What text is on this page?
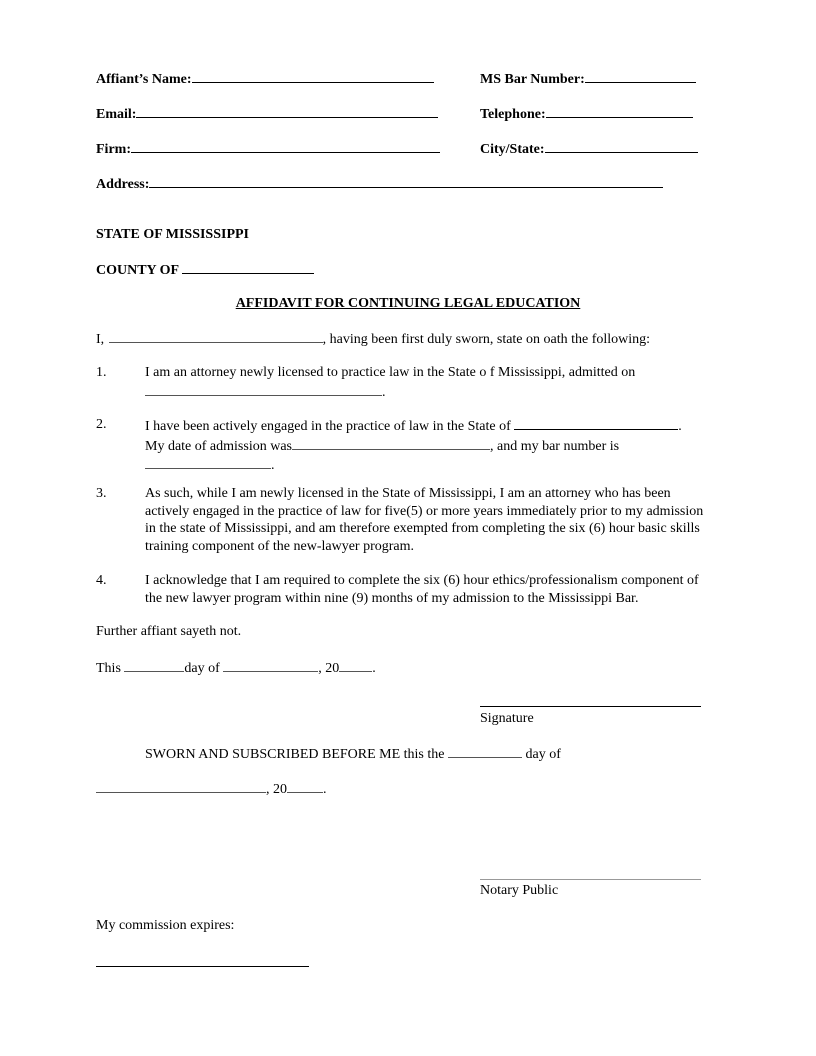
Affiant’s Name:	MS Bar Number:
Email:	Telephone:
Firm:	City/State:
Address:
STATE OF MISSISSIPPI
COUNTY OF
AFFIDAVIT FOR CONTINUING LEGAL EDUCATION
I,	, having been first duly sworn, state on oath the following:
1.	I am an attorney newly licensed to practice law in the State o f Mississippi, admitted on
.
2.	I have been actively engaged in the practice of law in the State of	.
My date of admission was	, and my bar number is
.
3.	As such, while I am newly licensed in the State of Mississippi, I am an attorney who has been actively engaged in the practice of law for five(5) or more years immediately prior to my admission in the state of Mississippi, and am therefore exempted from completing the six (6) hour basic skills training component of the new-lawyer program.
4.	I acknowledge that I am required to complete the six (6) hour ethics/professionalism component of the new lawyer program within nine (9) months of my admission to the Mississippi Bar.
Further affiant sayeth not.
This	day of	, 20 .
Signature
SWORN AND SUBSCRIBED BEFORE ME this the	day of
, 20	.
Notary Public
My commission expires:
